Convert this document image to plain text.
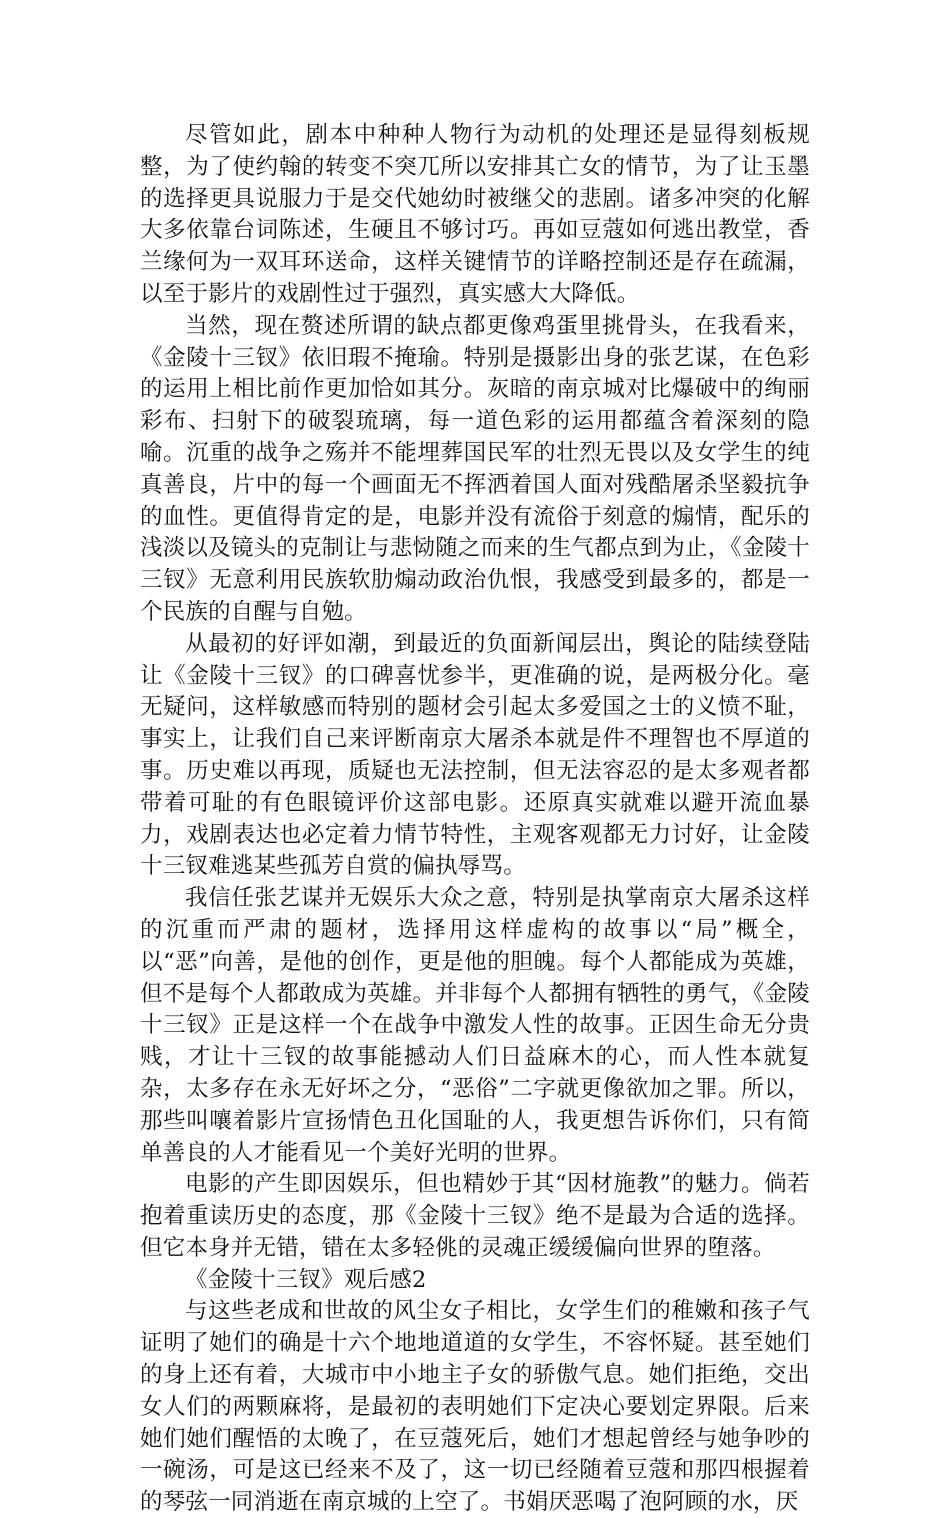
尽管如此，剧本中种种人物行为动机的处理还是显得刻板规整，为了使约翰的转变不突兀所以安排其亡女的情节，为了让玉墨的选择更具说服力于是交代她幼时被继父的悲剧。诸多冲突的化解大多依靠台词陈述，生硬且不够讨巧。再如豆蔻如何逃出教堂，香兰缘何为一双耳环送命，这样关键情节的详略控制还是存在疏漏，以至于影片的戏剧性过于强烈，真实感大大降低。

当然，现在赘述所谓的缺点都更像鸡蛋里挑骨头，在我看来，《金陵十三钗》依旧瑕不掩瑜。特别是摄影出身的张艺谋，在色彩的运用上相比前作更加恰如其分。灰暗的南京城对比爆破中的绚丽彩布、扫射下的破裂琉璃，每一道色彩的运用都蕴含着深刻的隐喻。沉重的战争之殇并不能埋葬国民军的壮烈无畏以及女学生的纯真善良，片中的每一个画面无不挥洒着国人面对残酷屠杀坚毅抗争的血性。更值得肯定的是，电影并没有流俗于刻意的煽情，配乐的浅淡以及镜头的克制让与悲恸随之而来的生气都点到为止，《金陵十三钗》无意利用民族软肋煽动政治仇恨，我感受到最多的，都是一个民族的自醒与自勉。

从最初的好评如潮，到最近的负面新闻层出，舆论的陆续登陆让《金陵十三钗》的口碑喜忧参半，更准确的说，是两极分化。毫无疑问，这样敏感而特别的题材会引起太多爱国之士的义愤不耻，事实上，让我们自己来评断南京大屠杀本就是件不理智也不厚道的事。历史难以再现，质疑也无法控制，但无法容忍的是太多观者都带着可耻的有色眼镜评价这部电影。还原真实就难以避开流血暴力，戏剧表达也必定着力情节特性，主观客观都无力讨好，让金陵十三钗难逃某些孤芳自赏的偏执辱骂。

我信任张艺谋并无娱乐大众之意，特别是执掌南京大屠杀这样的沉重而严肃的题材，选择用这样虚构的故事以“局”概全，以“恶”向善，是他的创作，更是他的胆魄。每个人都能成为英雄，但不是每个人都敢成为英雄。并非每个人都拥有牺牲的勇气，《金陵十三钗》正是这样一个在战争中激发人性的故事。正因生命无分贵贱，才让十三钗的故事能撼动人们日益麻木的心，而人性本就复杂，太多存在永无好坏之分，“恶俗”二字就更像欲加之罪。所以，那些叫嚷着影片宣扬情色丑化国耻的人，我更想告诉你们，只有简单善良的人才能看见一个美好光明的世界。

电影的产生即因娱乐，但也精妙于其“因材施教”的魅力。倘若抱着重读历史的态度，那《金陵十三钗》绝不是最为合适的选择。但它本身并无错，错在太多轻佻的灵魂正缓缓偏向世界的堕落。

《金陵十三钗》观后感2

与这些老成和世故的风尘女子相比，女学生们的稚嫩和孩子气证明了她们的确是十六个地地道道的女学生，不容怀疑。甚至她们的身上还有着，大城市中小地主子女的骄傲气息。她们拒绝，交出女人们的两颗麻将，是最初的表明她们下定决心要划定界限。后来她们她们醒悟的太晚了，在豆蔻死后，她们才想起曾经与她争吵的一碗汤，可是这已经来不及了，这一切已经随着豆蔻和那四根握着的琴弦一同消逝在南京城的上空了。书娟厌恶喝了泡阿顾的水，厌
